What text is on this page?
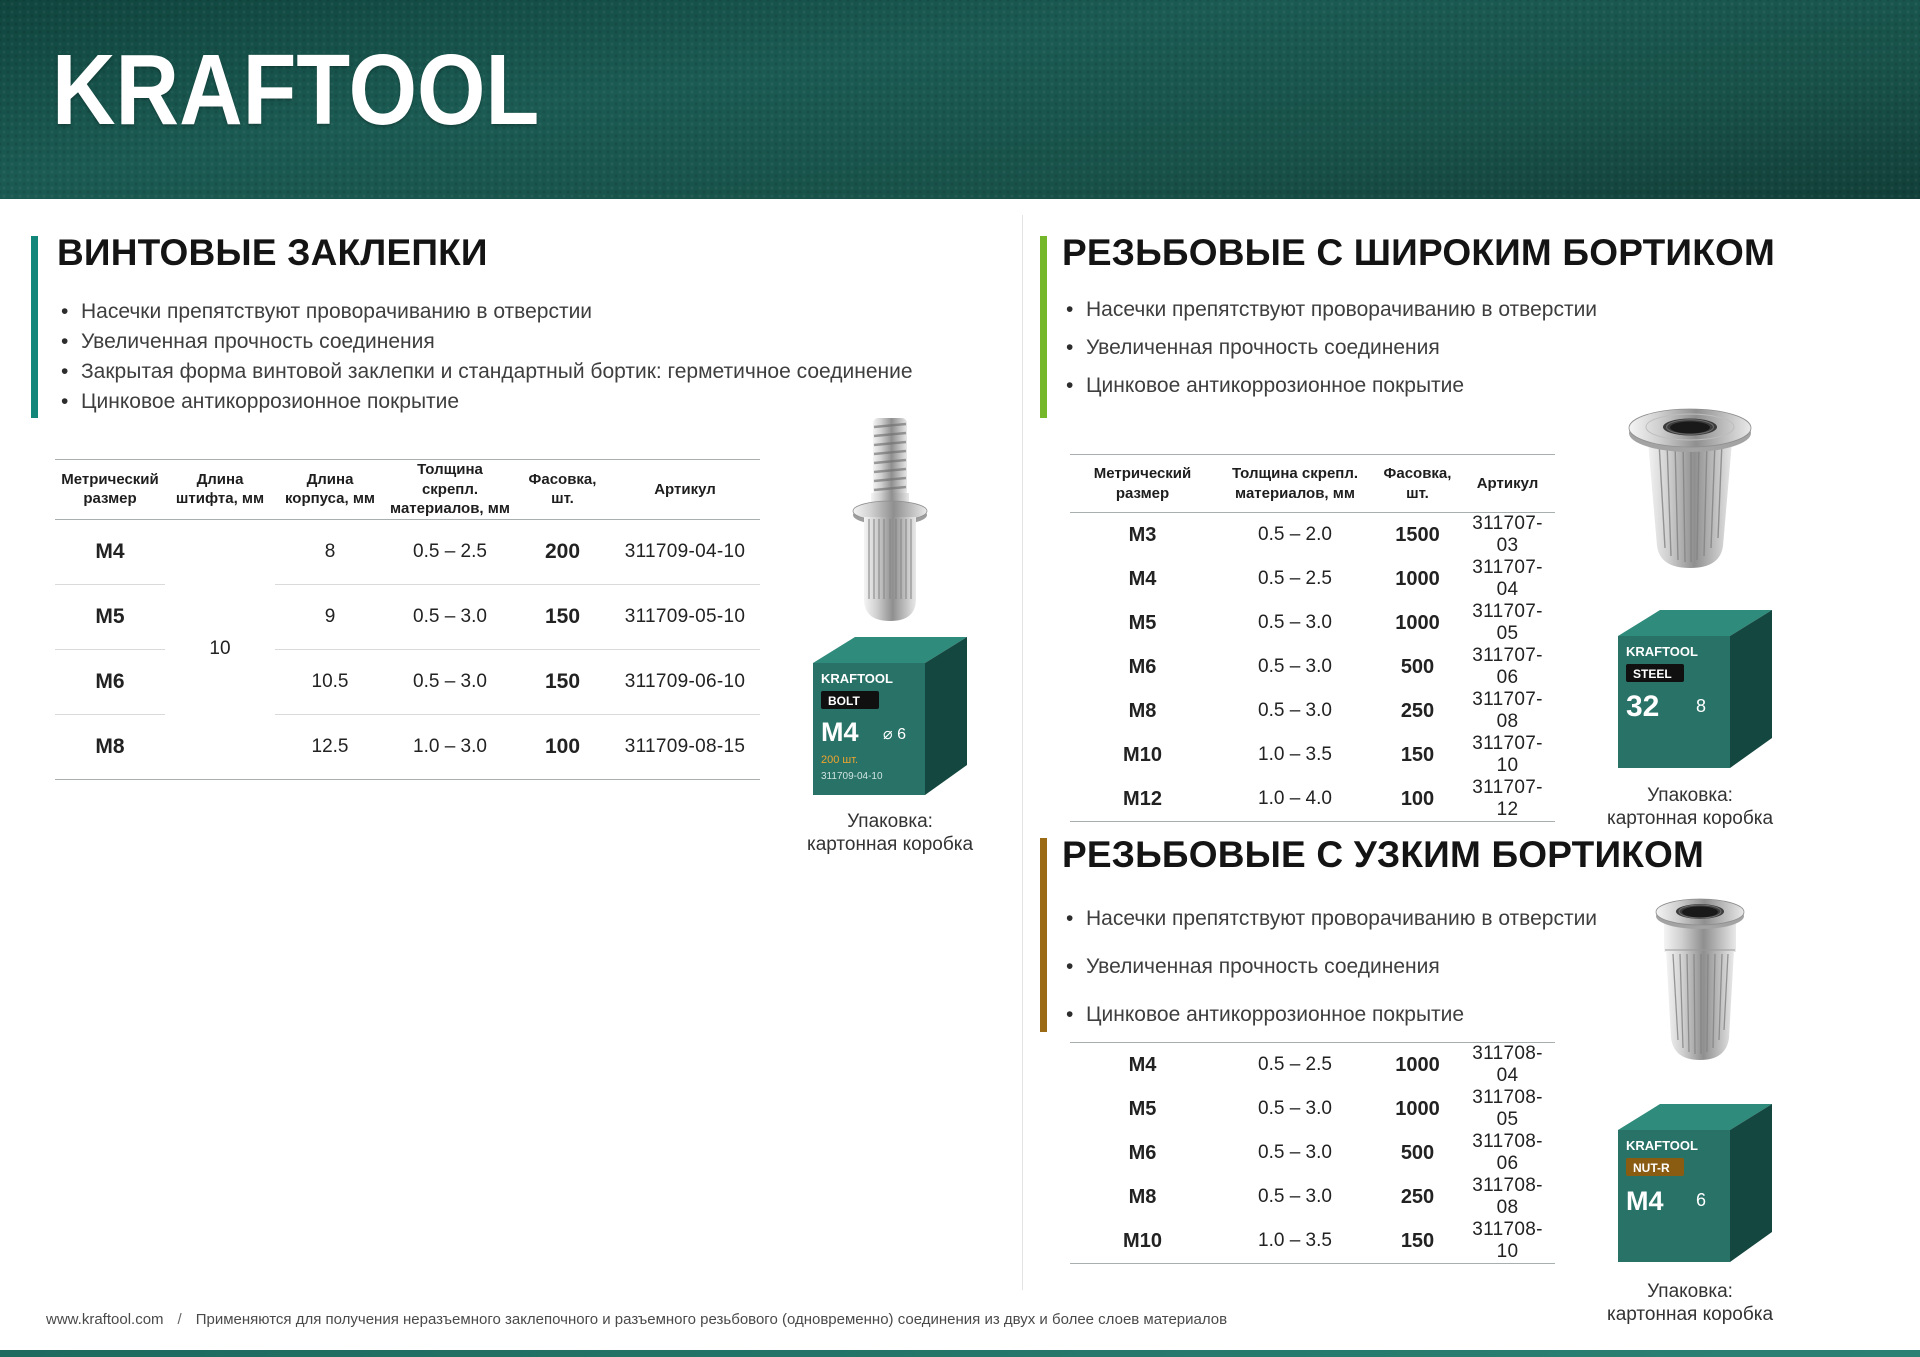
KRAFTOOL
ВИНТОВЫЕ ЗАКЛЕПКИ
• Насечки препятствуют проворачиванию в отверстии
• Увеличенная прочность соединения
• Закрытая форма винтовой заклепки и стандартный бортик: герметичное соединение
• Цинковое антикоррозионное покрытие
Метрический размер	Длина штифта, мм	Длина корпуса, мм	Толщина скрепл. материалов, мм	Фасовка, шт.	Артикул
М4	10	8	0.5 – 2.5	200	311709-04-10
М5		9	0.5 – 3.0	150	311709-05-10
М6		10.5	0.5 – 3.0	150	311709-06-10
М8		12.5	1.0 – 3.0	100	311709-08-15
KRAFTOOL
BOLT
M4 ⌀ 6
200 шт.
311709-04-10
Упаковка:
картонная коробка
РЕЗЬБОВЫЕ С ШИРОКИМ БОРТИКОМ
• Насечки препятствуют проворачиванию в отверстии
• Увеличенная прочность соединения
• Цинковое антикоррозионное покрытие
Метрический размер	Толщина скрепл. материалов, мм	Фасовка, шт.	Артикул
М3	0.5 – 2.0	1500	311707-03
М4	0.5 – 2.5	1000	311707-04
М5	0.5 – 3.0	1000	311707-05
М6	0.5 – 3.0	500	311707-06
М8	0.5 – 3.0	250	311707-08
М10	1.0 – 3.5	150	311707-10
М12	1.0 – 4.0	100	311707-12
KRAFTOOL
STEEL
32 8
Упаковка:
картонная коробка
РЕЗЬБОВЫЕ С УЗКИМ БОРТИКОМ
• Насечки препятствуют проворачиванию в отверстии
• Увеличенная прочность соединения
• Цинковое антикоррозионное покрытие
М4	0.5 – 2.5	1000	311708-04
М5	0.5 – 3.0	1000	311708-05
М6	0.5 – 3.0	500	311708-06
М8	0.5 – 3.0	250	311708-08
М10	1.0 – 3.5	150	311708-10
KRAFTOOL
NUT-R
M4 6
Упаковка:
картонная коробка
www.kraftool.com / Применяются для получения неразъемного заклепочного и разъемного резьбового (одновременно) соединения из двух и более слоев материалов
